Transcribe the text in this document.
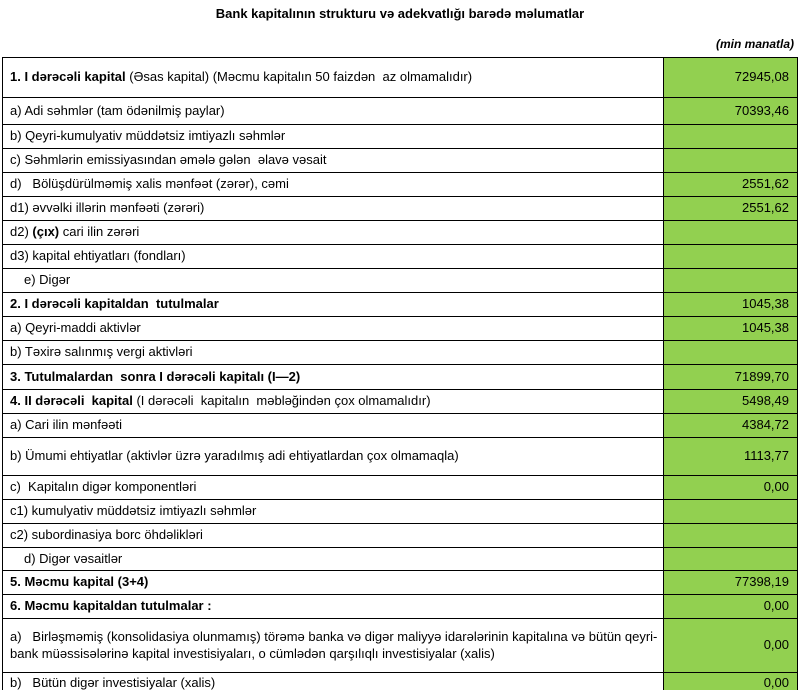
Bank kapitalının strukturu və adekvatlığı barədə məlumatlar
(min manatla)
1. I dərəcəli kapital (Əsas kapital) (Məcmu kapitalın 50 faizdən  az olmamalıdır)	72945,08
a) Adi səhmlər (tam ödənilmiş paylar)	70393,46
b) Qeyri-kumulyativ müddətsiz imtiyazlı səhmlər	
c) Səhmlərin emissiyasından əmələ gələn  əlavə vəsait	
d)   Bölüşdürülməmiş xalis mənfəət (zərər), cəmi	2551,62
d1) əvvəlki illərin mənfəəti (zərəri)	2551,62
d2) (çıx) cari ilin zərəri	
d3) kapital ehtiyatları (fondları)	
e) Digər	
2. I dərəcəli kapitaldan  tutulmalar	1045,38
a) Qeyri-maddi aktivlər	1045,38
b) Təxirə salınmış vergi aktivləri	
3. Tutulmalardan  sonra I dərəcəli kapitalı (I—2)	71899,70
4. II dərəcəli  kapital (I dərəcəli  kapitalın  məbləğindən çox olmamalıdır)	5498,49
a) Cari ilin mənfəəti	4384,72
b) Ümumi ehtiyatlar (aktivlər üzrə yaradılmış adi ehtiyatlardan çox olmamaqla)	1113,77
c)  Kapitalın digər komponentləri	0,00
c1) kumulyativ müddətsiz imtiyazlı səhmlər	
c2) subordinasiya borc öhdəlikləri	
d) Digər vəsaitlər	
5. Məcmu kapital (3+4)	77398,19
6. Məcmu kapitaldan tutulmalar :	0,00
a)   Birləşməmiş (konsolidasiya olunmamış) törəmə banka və digər maliyyə idarələrinin kapitalına və bütün qeyri-bank müəssisələrinə kapital investisiyaları, o cümlədən qarşılıqlı investisiyalar (xalis)	0,00
b)   Bütün digər investisiyalar (xalis)	0,00
